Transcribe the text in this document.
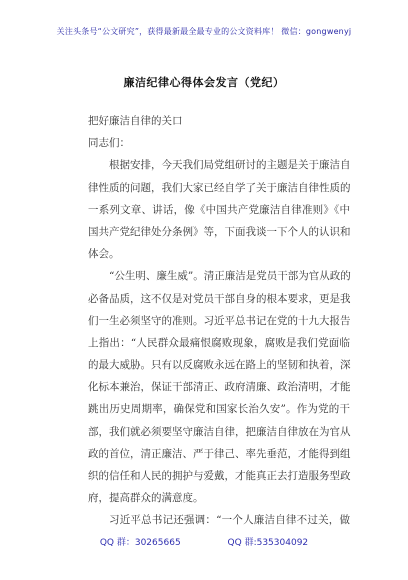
关注头条号“公文研究”，获得最新最全最专业的公文资料库！ 微信：gongwenyj
廉洁纪律心得体会发言（党纪）
把好廉洁自律的关口
同志们：
根据安排，今天我们局党组研讨的主题是关于廉洁自
律性质的问题，我们大家已经自学了关于廉洁自律性质的
一系列文章、讲话，像《中国共产党廉洁自律准则》《中
国共产党纪律处分条例》等，下面我谈一下个人的认识和
体会。
“公生明、廉生威”。清正廉洁是党员干部为官从政的
必备品质，这不仅是对党员干部自身的根本要求，更是我
们一生必须坚守的准则。习近平总书记在党的十九大报告
上指出：“人民群众最痛恨腐败现象，腐败是我们党面临
的最大威胁。只有以反腐败永远在路上的坚韧和执着，深
化标本兼治，保证干部清正、政府清廉、政治清明，才能
跳出历史周期率，确保党和国家长治久安”。作为党的干
部，我们就必须要坚守廉洁自律，把廉洁自律放在为官从
政的首位，清正廉洁、严于律己、率先垂范，才能得到组
织的信任和人民的拥护与爱戴，才能真正去打造服务型政
府，提高群众的满意度。
习近平总书记还强调：“一个人廉洁自律不过关，做
QQ 群：30265665	QQ 群:535304092
